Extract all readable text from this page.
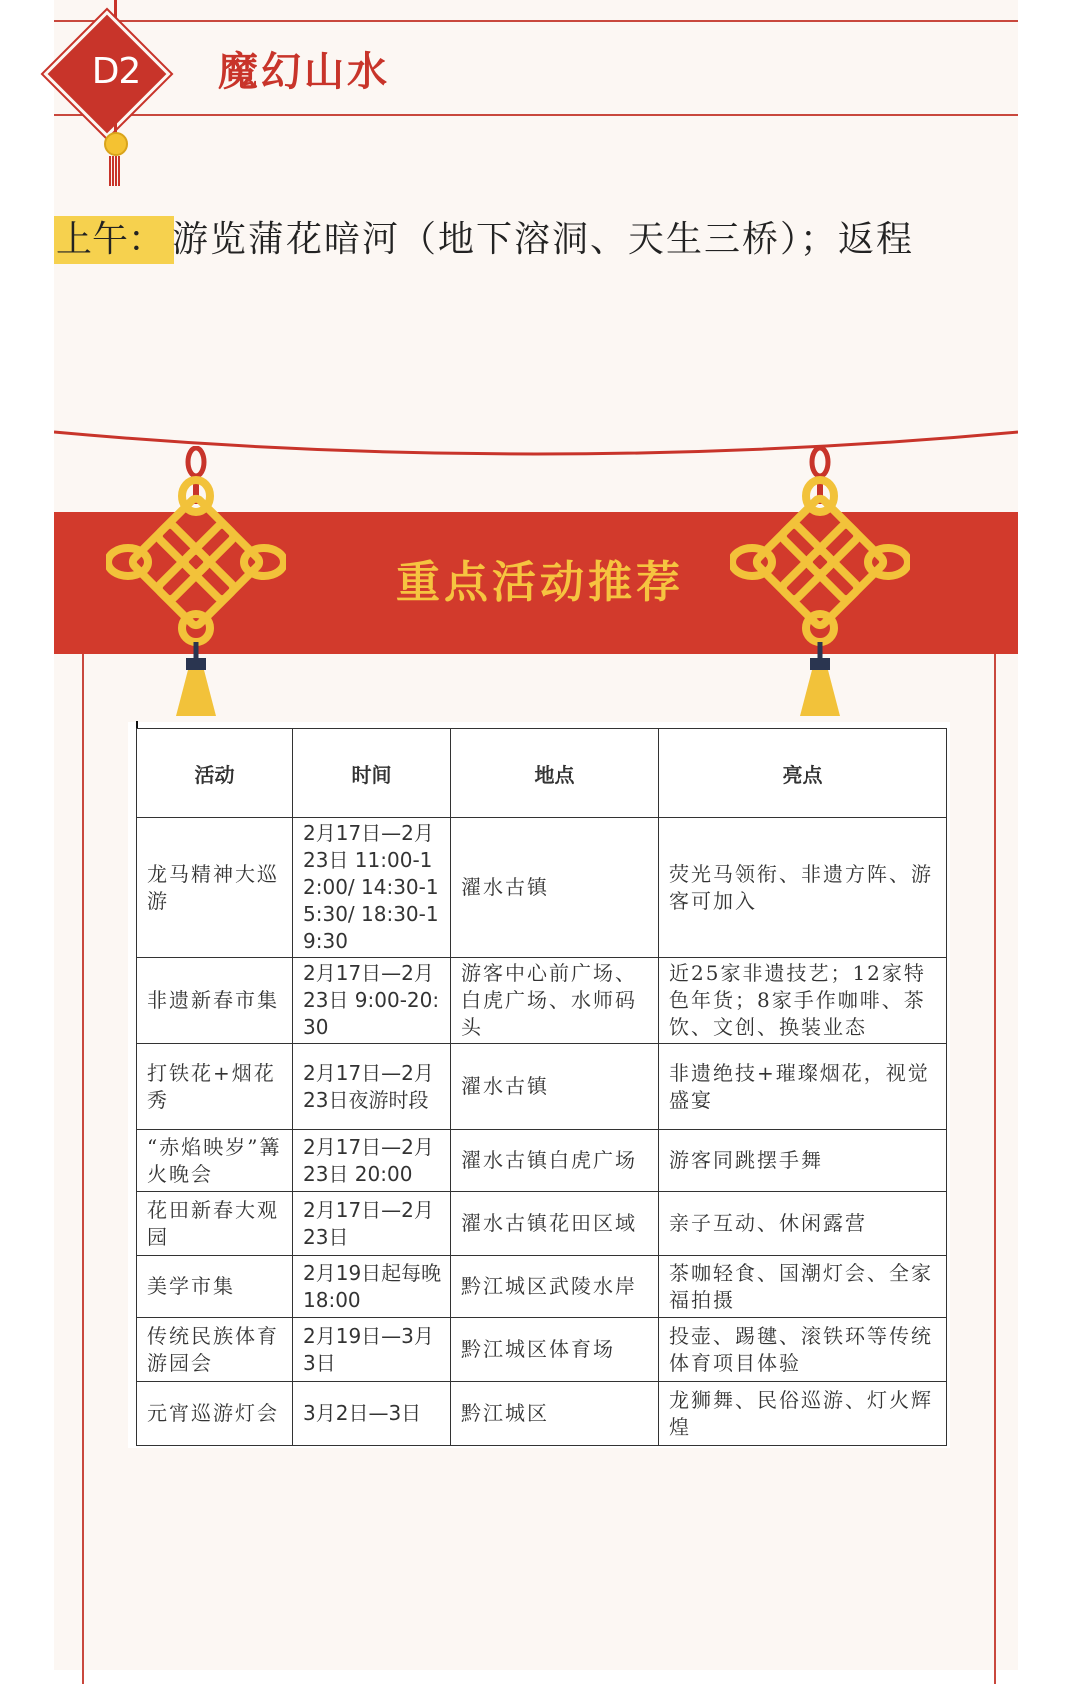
D2	魔幻山水
上午： 游览蒲花暗河（地下溶洞、天生三桥）；返程
重点活动推荐
活动	时间	地点	亮点
龙马精神大巡游	2月17日—2月23日 11:00-12:00/ 14:30-15:30/ 18:30-19:30	濯水古镇	荧光马领衔、非遗方阵、游客可加入
非遗新春市集	2月17日—2月23日 9:00-20:30	游客中心前广场、白虎广场、水师码头	近25家非遗技艺；12家特色年货；8家手作咖啡、茶饮、文创、换装业态
打铁花+烟花秀	2月17日—2月23日夜游时段	濯水古镇	非遗绝技+璀璨烟花，视觉盛宴
“赤焰映岁”篝火晚会	2月17日—2月23日 20:00	濯水古镇白虎广场	游客同跳摆手舞
花田新春大观园	2月17日—2月23日	濯水古镇花田区域	亲子互动、休闲露营
美学市集	2月19日起每晚18:00	黔江城区武陵水岸	茶咖轻食、国潮灯会、全家福拍摄
传统民族体育游园会	2月19日—3月3日	黔江城区体育场	投壶、踢毽、滚铁环等传统体育项目体验
元宵巡游灯会	3月2日—3日	黔江城区	龙狮舞、民俗巡游、灯火辉煌
